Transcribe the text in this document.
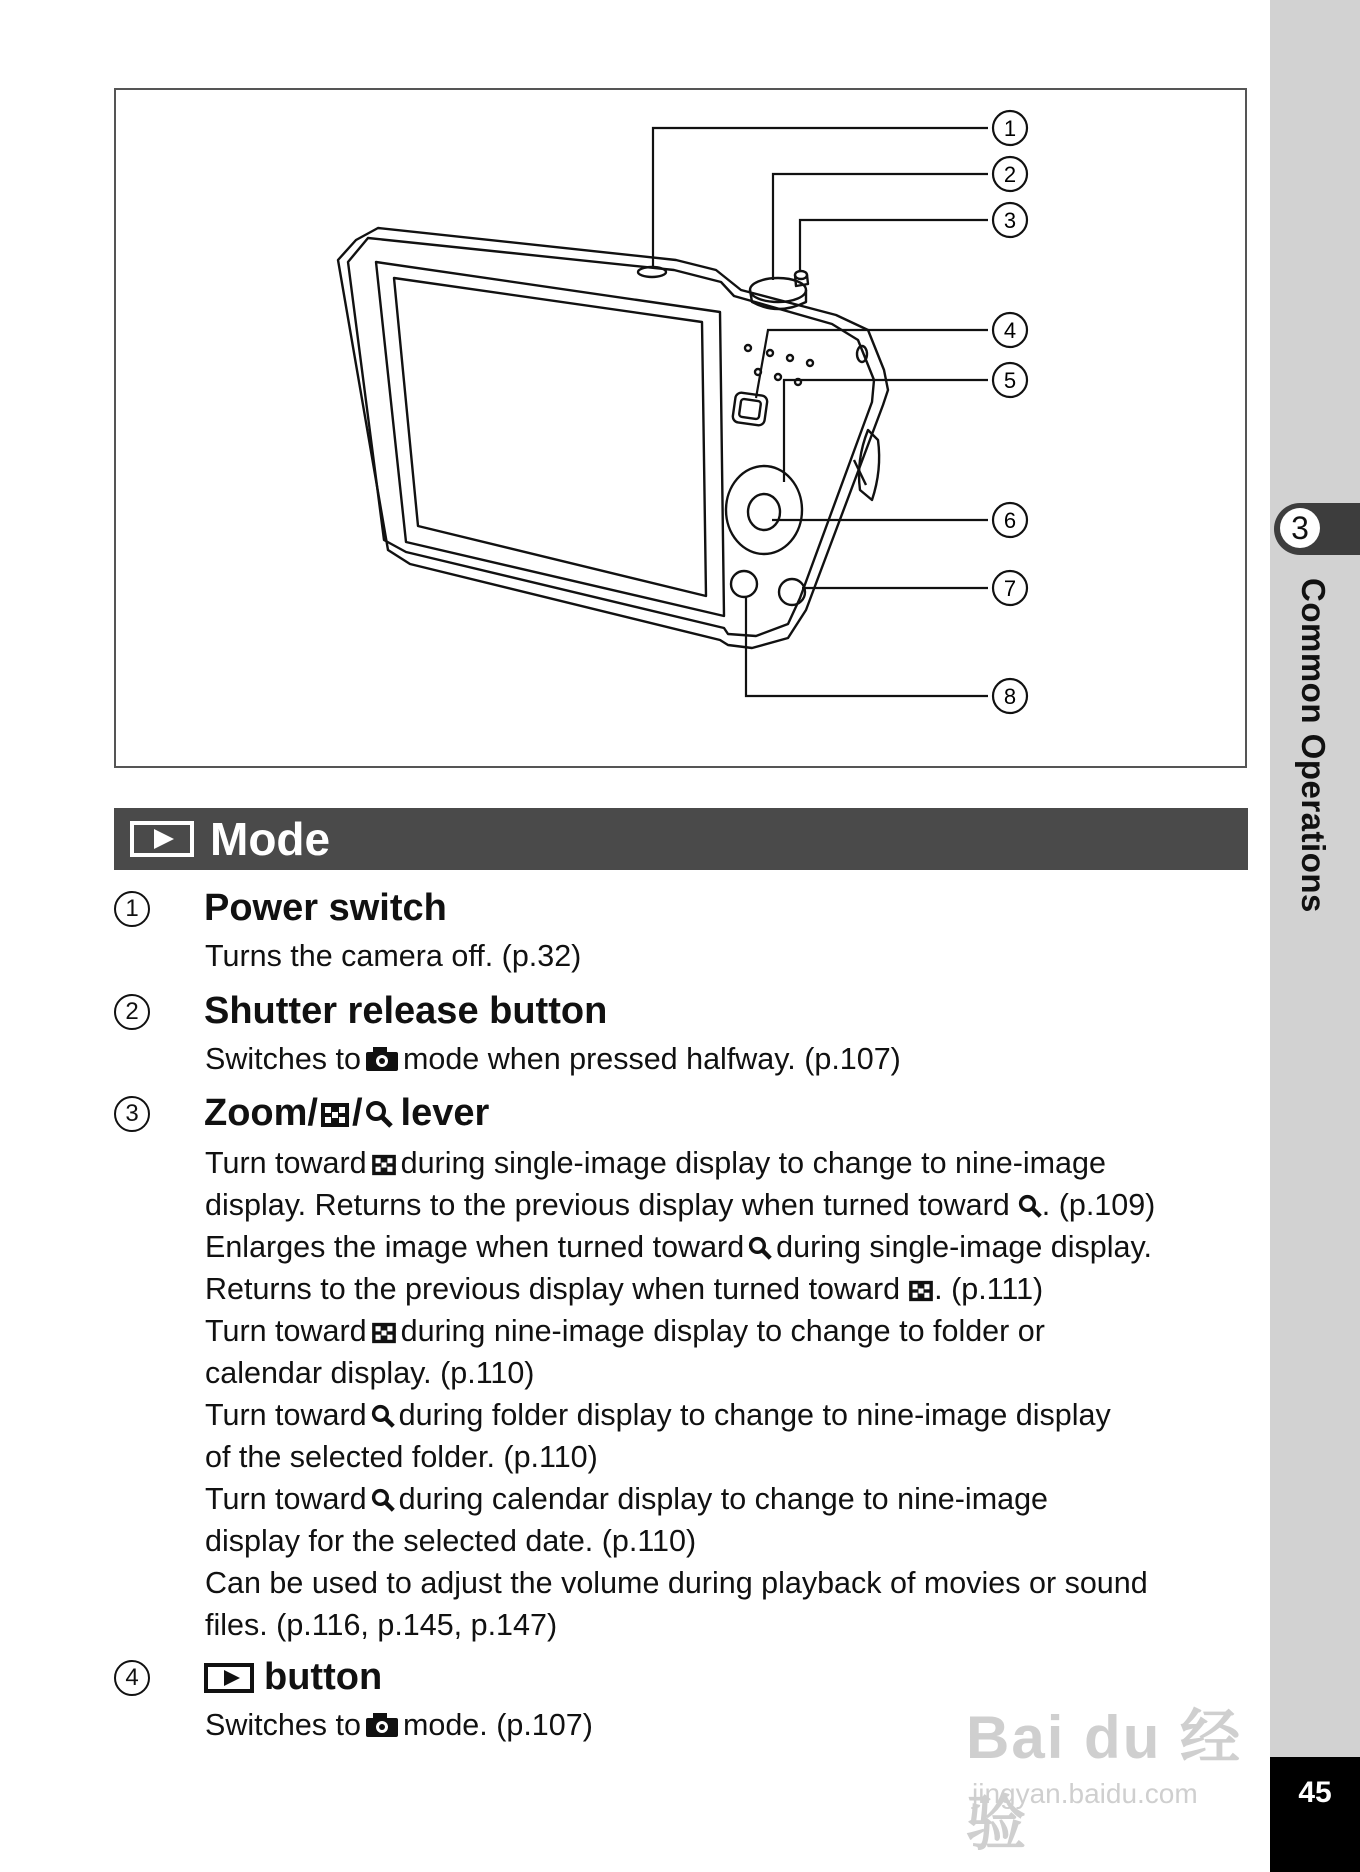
3
Common Operations
45
1
2
3
4
5
6
7
8
Mode
1 Power switch

Turns the camera off. (p.32)

2 Shutter release button

Switches to mode when pressed halfway. (p.107)

3 Zoom/ / lever

Turn toward during single-image display to change to nine-image

display. Returns to the previous display when turned toward . (p.109)

Enlarges the image when turned toward during single-image display.

Returns to the previous display when turned toward . (p.111)

Turn toward during nine-image display to change to folder or

calendar display. (p.110)

Turn toward during folder display to change to nine-image display

of the selected folder. (p.110)

Turn toward during calendar display to change to nine-image

display for the selected date. (p.110)

Can be used to adjust the volume during playback of movies or sound

files. (p.116, p.145, p.147)

4	button

Switches to mode. (p.107)	Bai du 经验
jingyan.baidu.com
